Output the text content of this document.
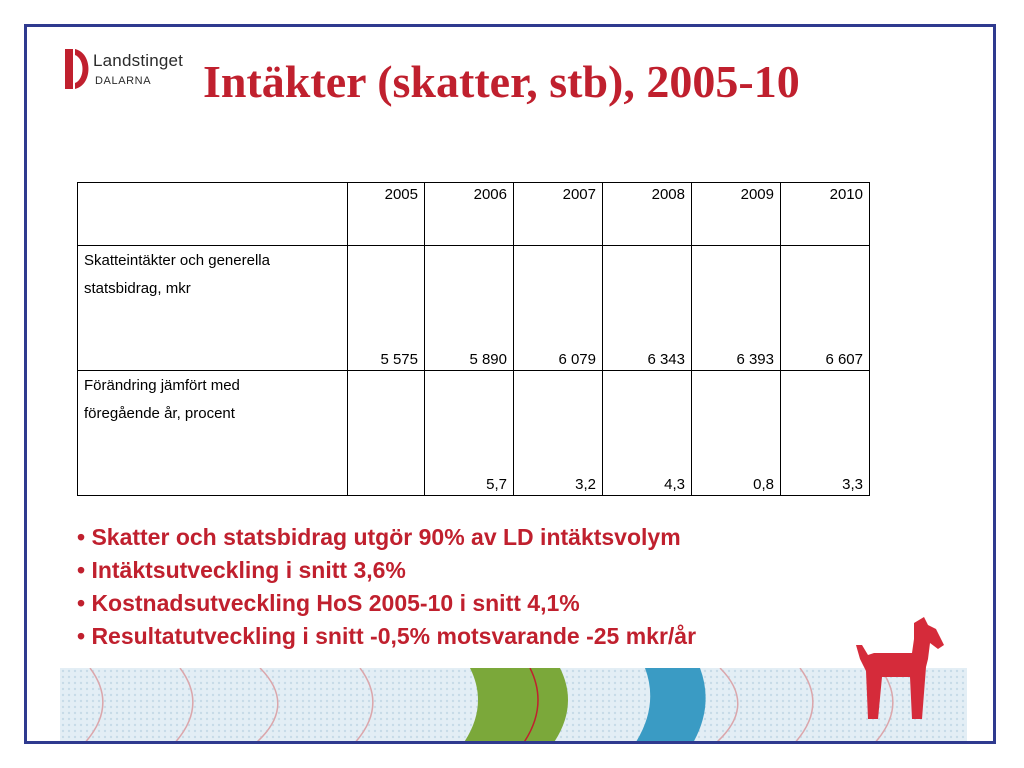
Landstinget
DALARNA Intäkter (skatter, stb), 2005-10
	2005	2006	2007	2008	2009	2010

Skatteintäkter och generella
statsbidrag, mkr	5 575	5 890	6 079	6 343	6 393	6 607

Förändring jämfört med
föregående år, procent		5,7	3,2	4,3	0,8	3,3
• Skatter och statsbidrag utgör 90% av LD intäktsvolym
• Intäktsutveckling i snitt 3,6%
• Kostnadsutveckling HoS 2005-10 i snitt 4,1%
• Resultatutveckling i snitt -0,5% motsvarande -25 mkr/år
